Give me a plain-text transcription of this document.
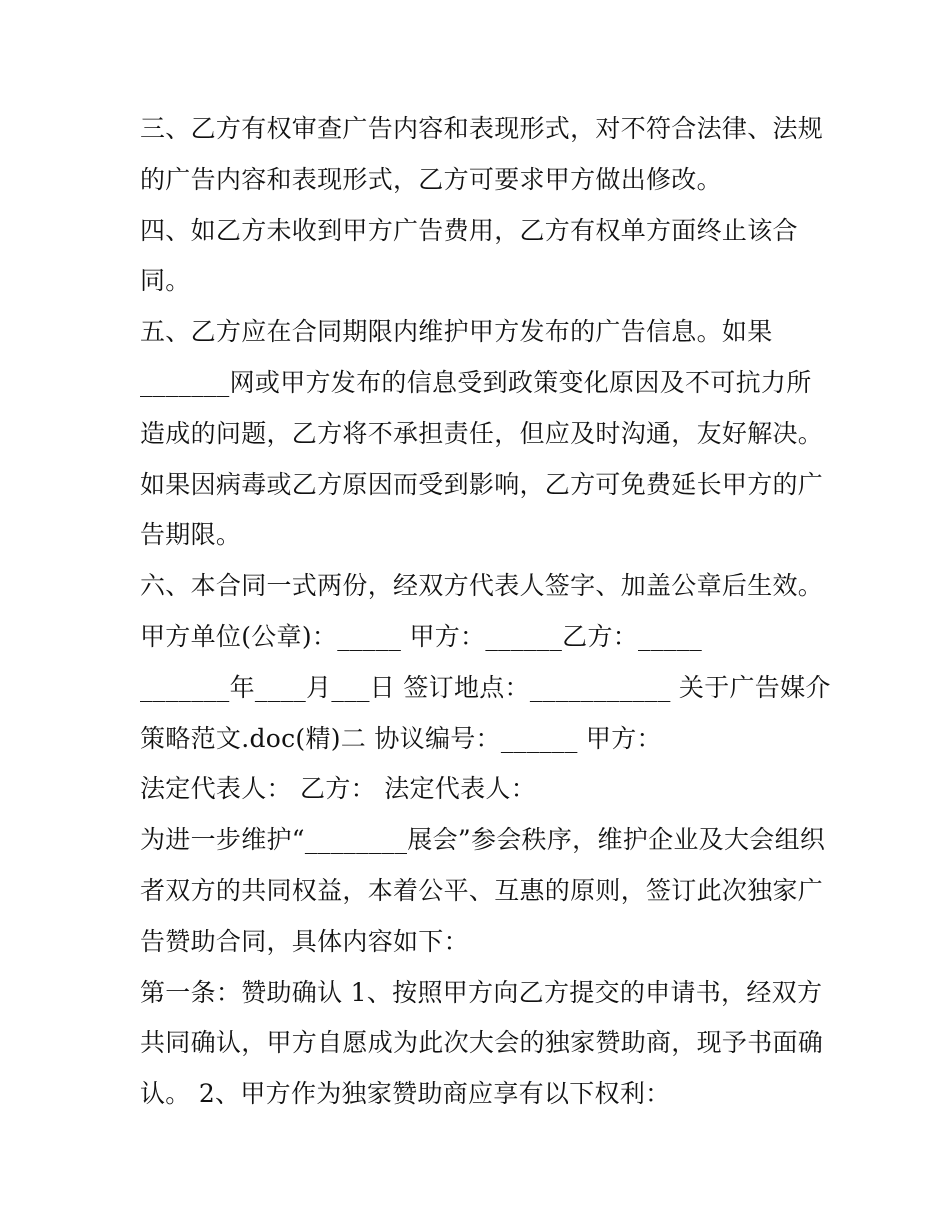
三、乙方有权审查广告内容和表现形式，对不符合法律、法规
的广告内容和表现形式，乙方可要求甲方做出修改。
四、如乙方未收到甲方广告费用，乙方有权单方面终止该合
同。
五、乙方应在合同期限内维护甲方发布的广告信息。如果
_______网或甲方发布的信息受到政策变化原因及不可抗力所
造成的问题，乙方将不承担责任，但应及时沟通，友好解决。
如果因病毒或乙方原因而受到影响，乙方可免费延长甲方的广
告期限。
六、本合同一式两份，经双方代表人签字、加盖公章后生效。
甲方单位(公章)：_____ 甲方：______乙方：_____
_______年____月___日 签订地点：___________ 关于广告媒介
策略范文.doc(精)二 协议编号：______ 甲方：
法定代表人： 乙方： 法定代表人：
为进一步维护“________展会”参会秩序，维护企业及大会组织
者双方的共同权益，本着公平、互惠的原则，签订此次独家广
告赞助合同，具体内容如下：
第一条：赞助确认 1、按照甲方向乙方提交的申请书，经双方
共同确认，甲方自愿成为此次大会的独家赞助商，现予书面确
认。 2、甲方作为独家赞助商应享有以下权利：
